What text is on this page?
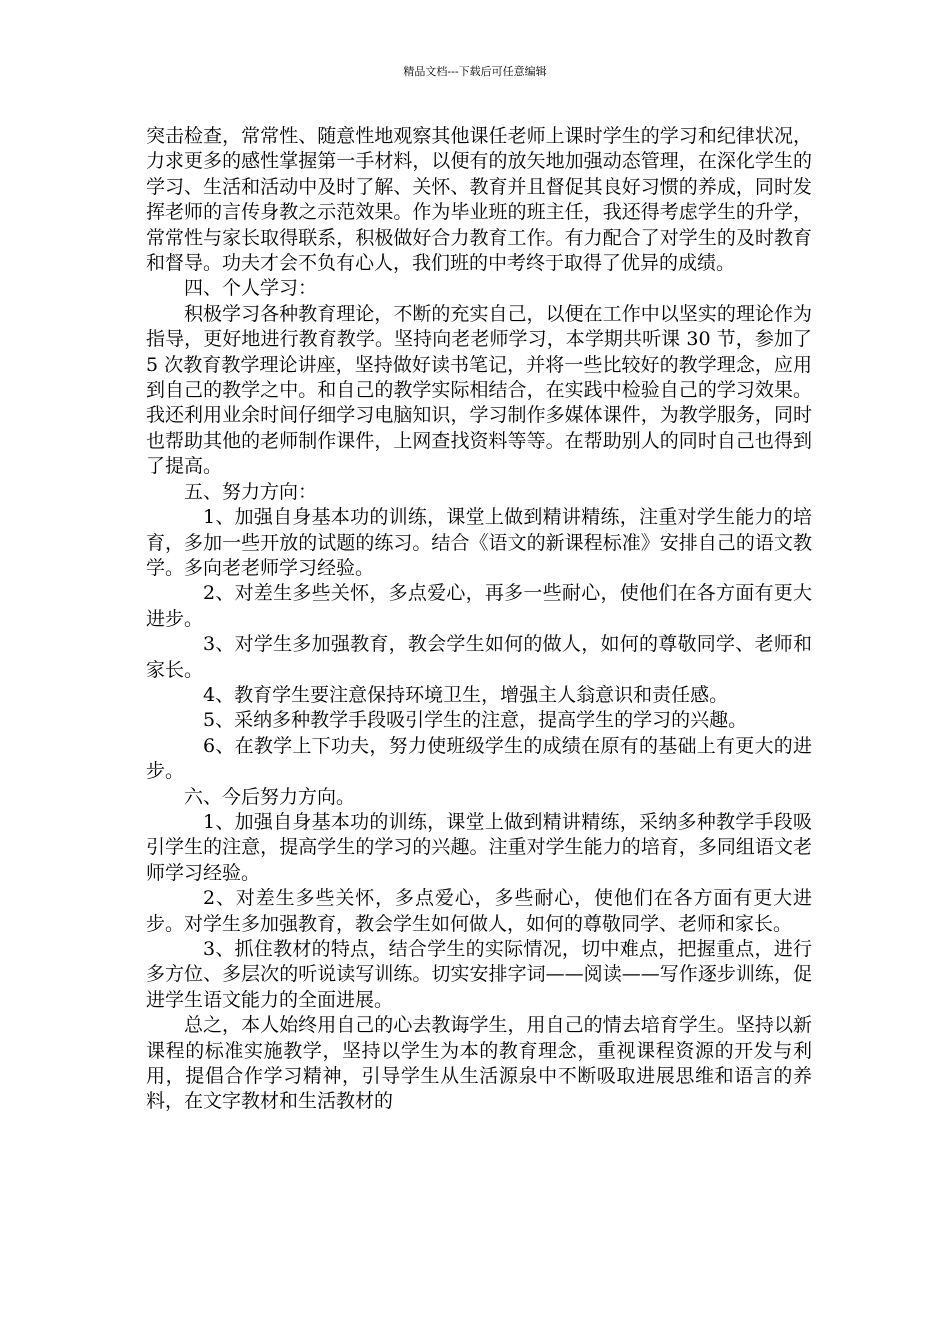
精品文档---下载后可任意编辑

突击检查，常常性、随意性地观察其他课任老师上课时学生的学习和纪律状况，力求更多的感性掌握第一手材料，以便有的放矢地加强动态管理，在深化学生的学习、生活和活动中及时了解、关怀、教育并且督促其良好习惯的养成，同时发挥老师的言传身教之示范效果。作为毕业班的班主任，我还得考虑学生的升学，常常性与家长取得联系，积极做好合力教育工作。有力配合了对学生的及时教育和督导。功夫才会不负有心人，我们班的中考终于取得了优异的成绩。

四、个人学习：

积极学习各种教育理论，不断的充实自己，以便在工作中以坚实的理论作为指导，更好地进行教育教学。坚持向老老师学习，本学期共听课 30 节，参加了 5 次教育教学理论讲座，坚持做好读书笔记，并将一些比较好的教学理念，应用到自己的教学之中。和自己的教学实际相结合，在实践中检验自己的学习效果。我还利用业余时间仔细学习电脑知识，学习制作多媒体课件，为教学服务，同时也帮助其他的老师制作课件，上网查找资料等等。在帮助别人的同时自己也得到了提高。

五、努力方向：

1、加强自身基本功的训练，课堂上做到精讲精练，注重对学生能力的培育，多加一些开放的试题的练习。结合《语文的新课程标准》安排自己的语文教学。多向老老师学习经验。

2、对差生多些关怀，多点爱心，再多一些耐心，使他们在各方面有更大进步。

3、对学生多加强教育，教会学生如何的做人，如何的尊敬同学、老师和家长。

4、教育学生要注意保持环境卫生，增强主人翁意识和责任感。

5、采纳多种教学手段吸引学生的注意，提高学生的学习的兴趣。

6、在教学上下功夫，努力使班级学生的成绩在原有的基础上有更大的进步。

六、今后努力方向。

1、加强自身基本功的训练，课堂上做到精讲精练，采纳多种教学手段吸引学生的注意，提高学生的学习的兴趣。注重对学生能力的培育，多同组语文老师学习经验。

2、对差生多些关怀，多点爱心，多些耐心，使他们在各方面有更大进步。对学生多加强教育，教会学生如何做人，如何的尊敬同学、老师和家长。

3、抓住教材的特点，结合学生的实际情况，切中难点，把握重点，进行多方位、多层次的听说读写训练。切实安排字词——阅读——写作逐步训练，促进学生语文能力的全面进展。

总之，本人始终用自己的心去教诲学生，用自己的情去培育学生。坚持以新课程的标准实施教学，坚持以学生为本的教育理念，重视课程资源的开发与利用，提倡合作学习精神，引导学生从生活源泉中不断吸取进展思维和语言的养料，在文字教材和生活教材的
